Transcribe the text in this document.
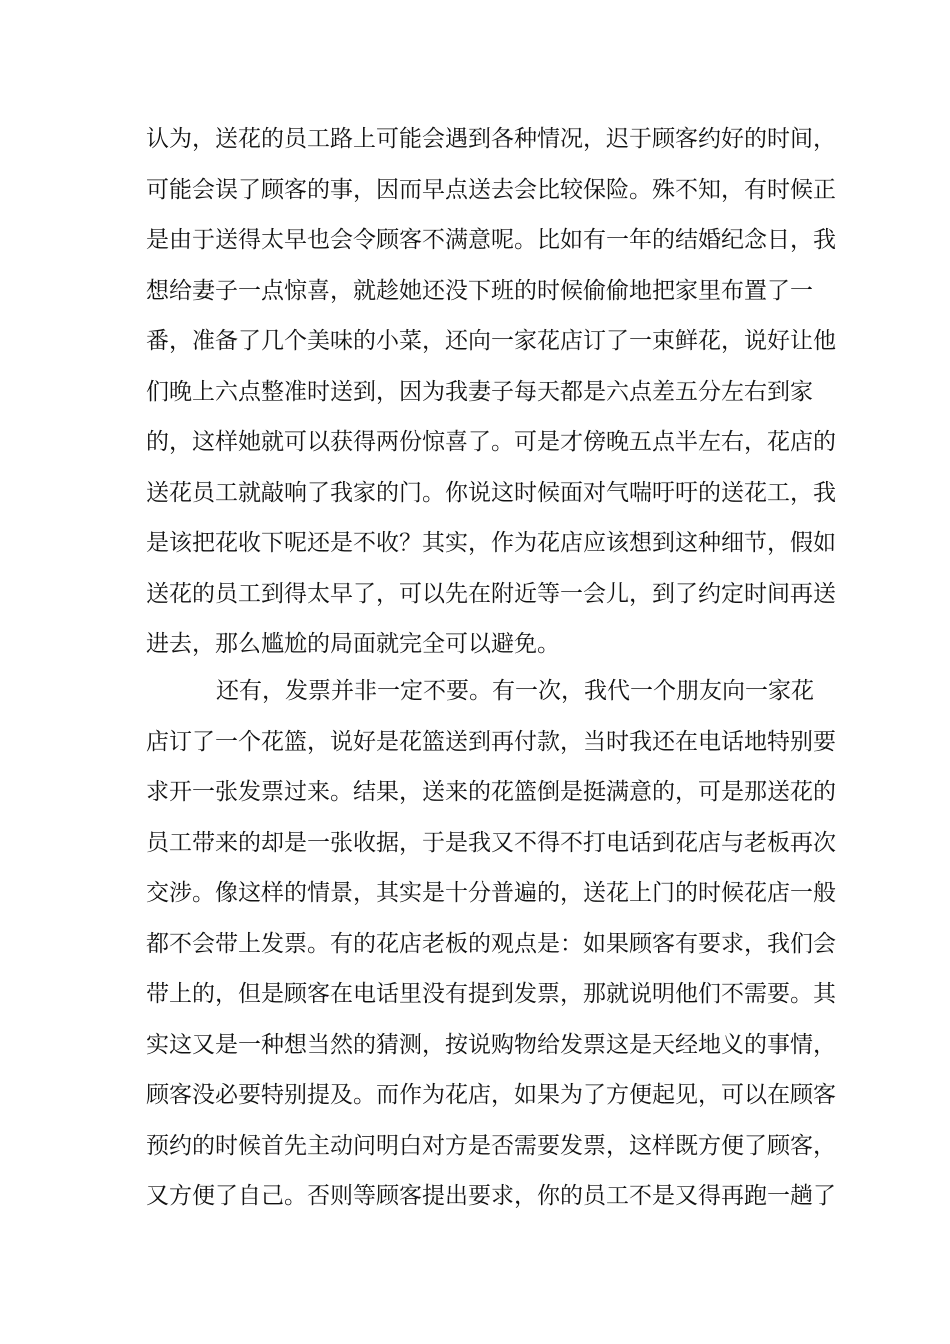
认为，送花的员工路上可能会遇到各种情况，迟于顾客约好的时间，
可能会误了顾客的事，因而早点送去会比较保险。殊不知，有时候正
是由于送得太早也会令顾客不满意呢。比如有一年的结婚纪念日，我
想给妻子一点惊喜，就趁她还没下班的时候偷偷地把家里布置了一
番，准备了几个美味的小菜，还向一家花店订了一束鲜花，说好让他
们晚上六点整准时送到，因为我妻子每天都是六点差五分左右到家
的，这样她就可以获得两份惊喜了。可是才傍晚五点半左右，花店的
送花员工就敲响了我家的门。你说这时候面对气喘吁吁的送花工，我
是该把花收下呢还是不收？其实，作为花店应该想到这种细节，假如
送花的员工到得太早了，可以先在附近等一会儿，到了约定时间再送
进去，那么尴尬的局面就完全可以避免。
还有，发票并非一定不要。有一次，我代一个朋友向一家花
店订了一个花篮，说好是花篮送到再付款，当时我还在电话地特别要
求开一张发票过来。结果，送来的花篮倒是挺满意的，可是那送花的
员工带来的却是一张收据，于是我又不得不打电话到花店与老板再次
交涉。像这样的情景，其实是十分普遍的，送花上门的时候花店一般
都不会带上发票。有的花店老板的观点是：如果顾客有要求，我们会
带上的，但是顾客在电话里没有提到发票，那就说明他们不需要。其
实这又是一种想当然的猜测，按说购物给发票这是天经地义的事情，
顾客没必要特别提及。而作为花店，如果为了方便起见，可以在顾客
预约的时候首先主动问明白对方是否需要发票，这样既方便了顾客，
又方便了自己。否则等顾客提出要求，你的员工不是又得再跑一趟了
